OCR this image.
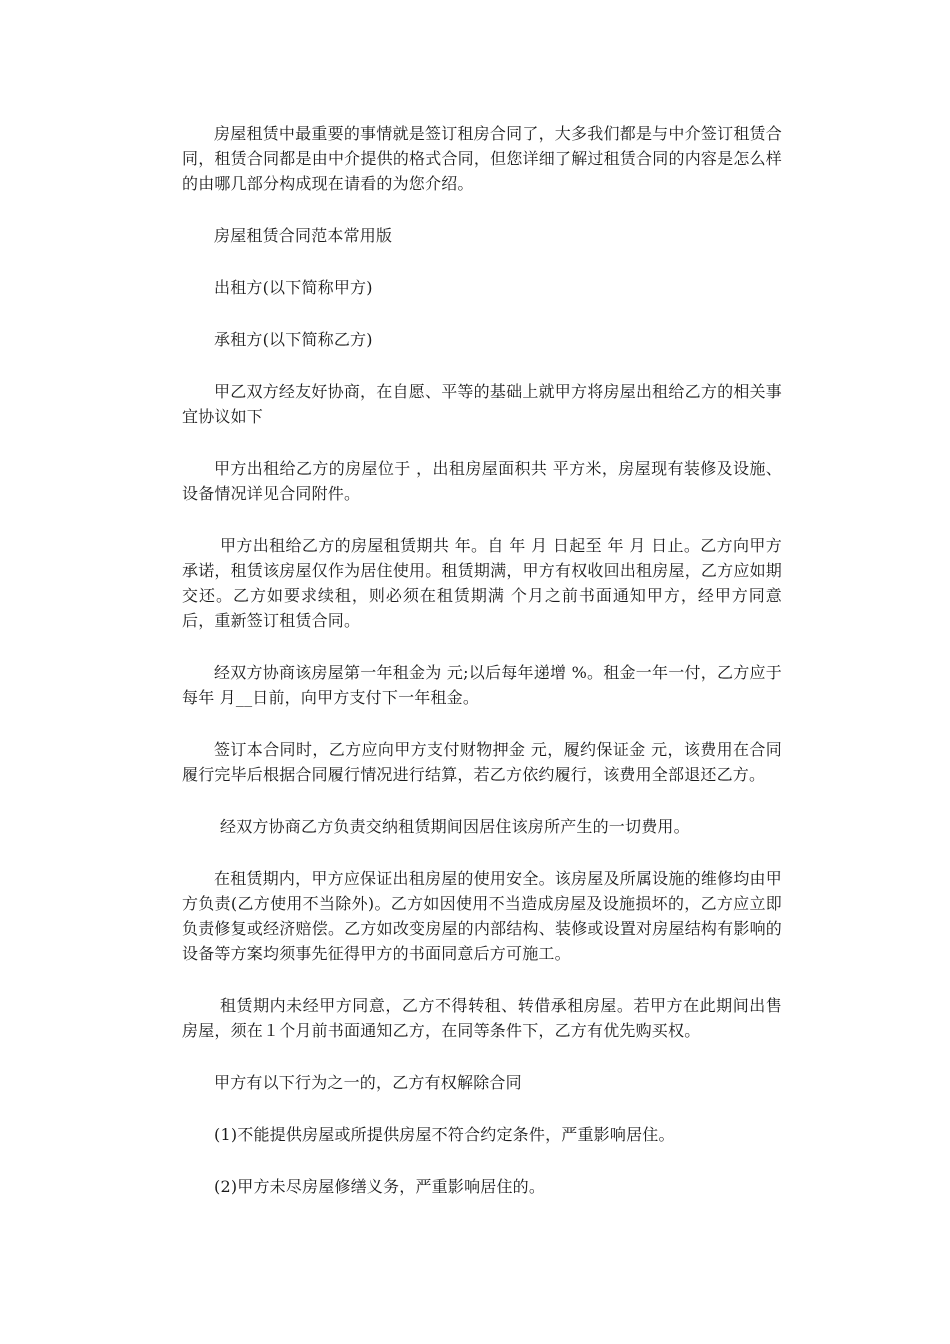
房屋租赁中最重要的事情就是签订租房合同了，大多我们都是与中介签订租赁合同，租赁合同都是由中介提供的格式合同，但您详细了解过租赁合同的内容是怎么样的由哪几部分构成现在请看的为您介绍。

房屋租赁合同范本常用版

出租方(以下简称甲方)

承租方(以下简称乙方)

甲乙双方经友好协商，在自愿、平等的基础上就甲方将房屋出租给乙方的相关事宜协议如下

甲方出租给乙方的房屋位于 ，出租房屋面积共 平方米，房屋现有装修及设施、设备情况详见合同附件。

甲方出租给乙方的房屋租赁期共 年。自 年 月 日起至 年 月 日止。乙方向甲方承诺，租赁该房屋仅作为居住使用。租赁期满，甲方有权收回出租房屋，乙方应如期交还。乙方如要求续租，则必须在租赁期满 个月之前书面通知甲方，经甲方同意后，重新签订租赁合同。

经双方协商该房屋第一年租金为 元;以后每年递增 %。租金一年一付，乙方应于每年 月__日前，向甲方支付下一年租金。

签订本合同时，乙方应向甲方支付财物押金 元，履约保证金 元，该费用在合同履行完毕后根据合同履行情况进行结算，若乙方依约履行，该费用全部退还乙方。

经双方协商乙方负责交纳租赁期间因居住该房所产生的一切费用。

在租赁期内，甲方应保证出租房屋的使用安全。该房屋及所属设施的维修均由甲方负责(乙方使用不当除外)。乙方如因使用不当造成房屋及设施损坏的，乙方应立即负责修复或经济赔偿。乙方如改变房屋的内部结构、装修或设置对房屋结构有影响的设备等方案均须事先征得甲方的书面同意后方可施工。

租赁期内未经甲方同意，乙方不得转租、转借承租房屋。若甲方在此期间出售房屋，须在１个月前书面通知乙方，在同等条件下，乙方有优先购买权。

甲方有以下行为之一的，乙方有权解除合同

(1)不能提供房屋或所提供房屋不符合约定条件，严重影响居住。

(2)甲方未尽房屋修缮义务，严重影响居住的。
